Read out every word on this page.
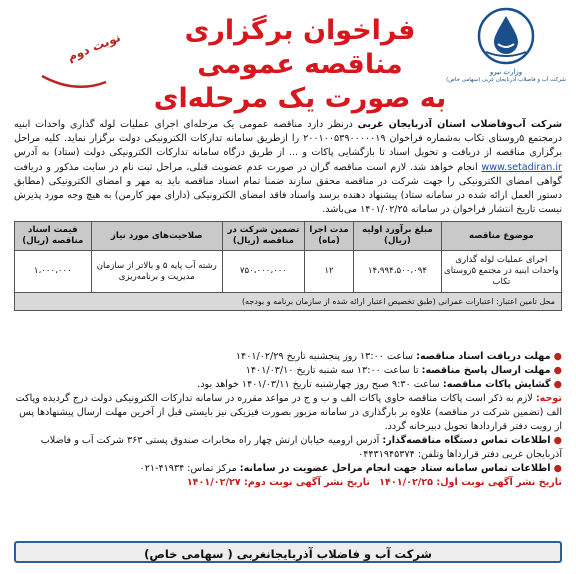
وزارت نیرو
شرکت آب و فاضلاب آذربایجان غربی (سهامی خاص)
فراخوان برگزاری مناقصه عمومی
به صورت یک مرحله‌ای
نوبت دوم
شرکت آب‌وفاضلاب استان آذربایجان غربی درنظر دارد مناقصه عمومی یک مرحله‌ای اجرای عملیات لوله گذاری واحدات ابنیه درمجتمع ۵روستای تکاب به‌شماره فراخوان ۲۰۰۱۰۰۵۳۹۰۰۰۰۰۱۹ را ازطریق سامانه تدارکات الکترونیکی دولت برگزار نماید. کلیه مراحل برگزاری مناقصه از دریافت و تحویل اسناد تا بازگشایی پاکات و ... از طریق درگاه سامانه تدارکات الکترونیکی دولت (ستاد) به آدرس www.setadiran.ir انجام خواهد شد. لازم است مناقصه گران در صورت عدم عضویت قبلی، مراحل ثبت نام در سایت مذکور و دریافت گواهی امضای الکترونیکی را جهت شرکت در مناقصه محقق سازند ضمنا تمام اسناد مناقصه باید به مهر و امضای الکترونیکی (مطابق دستور العمل ارائه شده در سامانه ستاد) پیشنهاد دهنده برسد واسناد فاقد امضای الکترونیکی (دارای مهر کارمن) به هیچ وجه مورد پذیرش نیست تاریخ انتشار فراخوان در سامانه ۱۴۰۱/۰۲/۲۵ می‌باشد.
موضوع مناقصه	مبلغ برآورد اولیه (ریال)	مدت اجرا (ماه)	تضمین شرکت در مناقصه (ریال)	صلاحیت‌های مورد نیاز	قیمت اسناد مناقصه (ریال)
اجرای عملیات لوله گذاری واحدات ابنیه در مجتمع ۵روستای تکاب	۱۴،۹۹۴،۵۰۰،۰۹۴	۱۲	۷۵۰،۰۰۰،۰۰۰	رشته آب پایه ۵ و بالاتر از سازمان مدیریت و برنامه‌ریزی	۱،۰۰۰،۰۰۰
محل تامین اعتبار: اعتبارات عمرانی (طبق تخصیص اعتبار ارائه شده از سازمان برنامه و بودجه)					

● مهلت دریافت اسناد مناقصه: ساعت ۱۳:۰۰ روز پنجشنبه تاریخ ۱۴۰۱/۰۲/۲۹

● مهلت ارسال پاسخ مناقصه: تا ساعت ۱۳:۰۰ سه شنبه تاریخ ۱۴۰۱/۰۳/۱۰

● گشایش پاکات مناقصه: ساعت ۹:۳۰ صبح روز چهارشنبه تاریخ ۱۴۰۱/۰۳/۱۱ خواهد بود.

توجه: لازم به ذکر است پاکات مناقصه حاوی پاکات الف و ب و ج در مواعد مقرره در سامانه تدارکات الکترونیکی دولت درج گردیده وپاکت الف (تضمین شرکت در مناقصه) علاوه بر بارگذاری در سامانه مزبور بصورت فیزیکی نیز بایستی قبل از آخرین مهلت ارسال پیشنهادها پس از رویت دفتر قراردادها تحویل دبیرخانه گردد.

● اطلاعات تماس دستگاه مناقصه‌گذار: آدرس ارومیه خیابان ارتش چهار راه مخابرات صندوق پستی ۳۶۳ شرکت آب و فاضلاب آذربایجان غربی دفتر قرارداها وتلفن: ۰۴۴۳۱۹۴۵۳۷۴

● اطلاعات تماس سامانه ستاد جهت انجام مراحل عضویت در سامانه: مرکز تماس: ۴۱۹۳۴-۰۲۱

تاریخ نشر آگهی نوبت اول: ۱۴۰۱/۰۲/۲۵   تاریخ نشر آگهی نوبت دوم: ۱۴۰۱/۰۲/۲۷

شرکت آب و فاضلاب آذربایجانغربی ( سهامی خاص)
